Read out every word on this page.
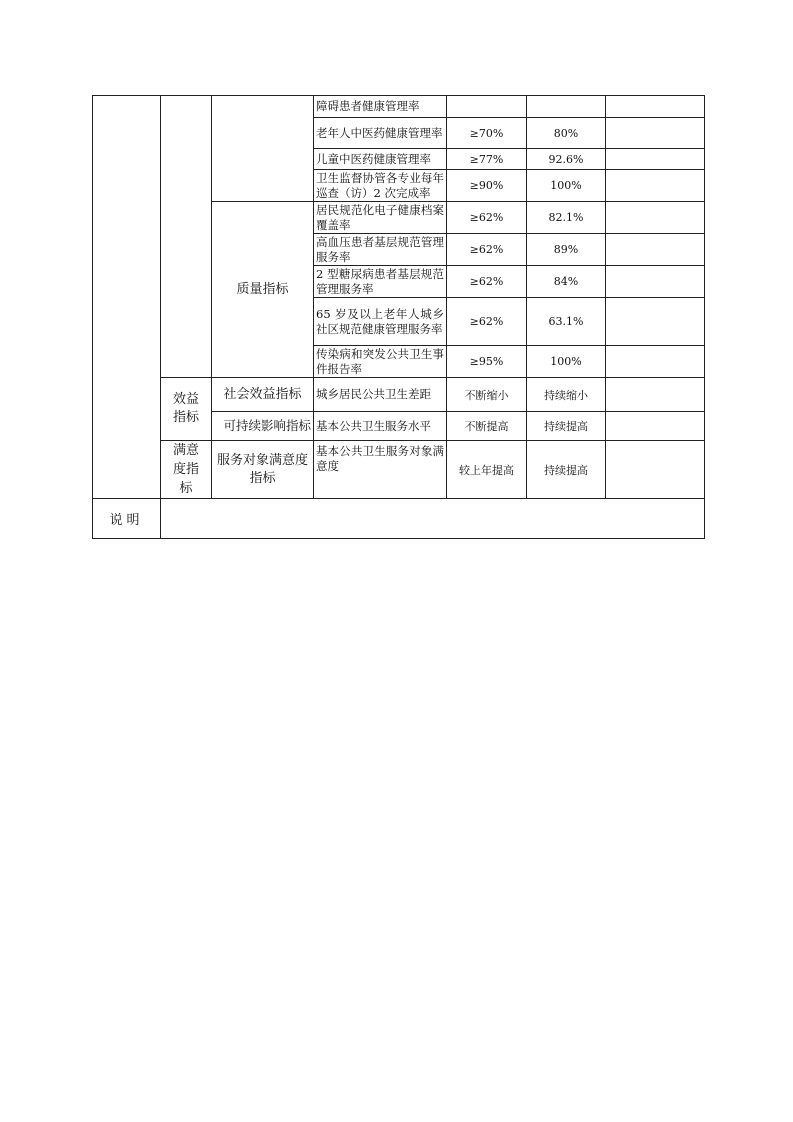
			障碍患者健康管理率			
			老年人中医药健康管理率	≥70%	80%	
			儿童中医药健康管理率	≥77%	92.6%	
			卫生监督协管各专业每年巡查（访）2 次完成率	≥90%	100%	
		质量指标	居民规范化电子健康档案覆盖率	≥62%	82.1%	
			高血压患者基层规范管理服务率	≥62%	89%	
			2 型糖尿病患者基层规范管理服务率	≥62%	84%	
			65 岁及以上老年人城乡社区规范健康管理服务率	≥62%	63.1%	
			传染病和突发公共卫生事件报告率	≥95%	100%	
	效益指标	社会效益指标	城乡居民公共卫生差距	不断缩小	持续缩小	
		可持续影响指标	基本公共卫生服务水平	不断提高	持续提高	
	满意度指标	服务对象满意度指标	基本公共卫生服务对象满意度	较上年提高	持续提高	
说明						
